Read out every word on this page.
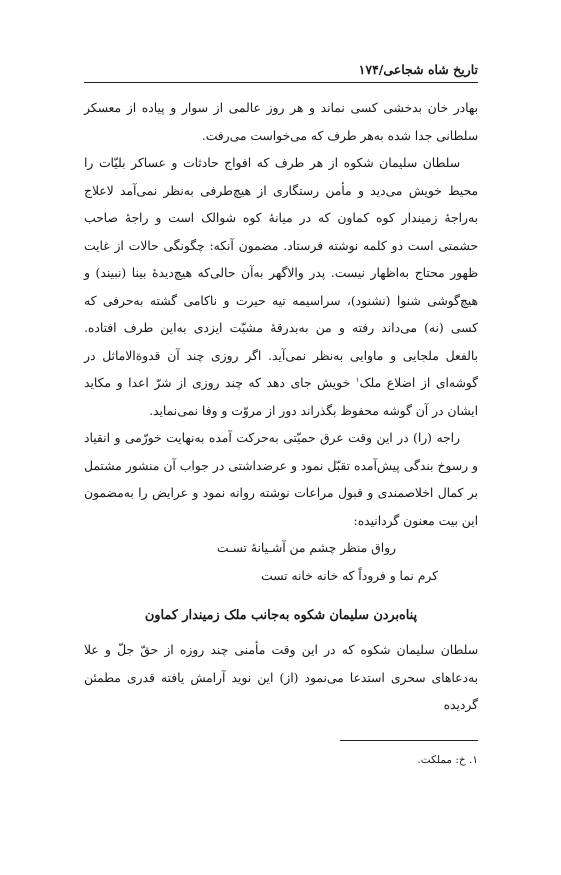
تاریخ شاه شجاعی/۱۷۴

بهادر خان بدخشی کسی نماند و هر روز عالمی از سوار و پیاده از معسکر سلطانی جدا شده به‌هر طرف که می‌خواست می‌رفت.

سلطان سلیمان شکوه از هر طرف که افواج حادثات و عساکر بلیّات را محیط خویش می‌دید و مأمن رستگاری از هیچ‌طرفی به‌نظر نمی‌آمد لاعلاج به‌راجهٔ زمیندار کوه کماون که در میانهٔ کوه شوالک است و راجهٔ صاحب حشمتی است دو کلمه نوشته فرستاد. مضمون آنکه: چگونگی حالات از غایت ظهور محتاج به‌اظهار نیست. پدر والاگهر به‌آن حالی‌که هیچ‌دیدهٔ بینا (نبیند) و هیچ‌گوشی شنوا (نشنود)، سراسیمه تیه حیرت و ناکامی گشته به‌حرفی که کسی (نه) می‌داند رفته و من به‌بدرقهٔ مشیّت ایزدی به‌این طرف افتاده. بالفعل ملجایی و ماوایی به‌نظر نمی‌آید. اگر روزی چند آن قدوةالاماثل در گوشه‌ای از اضلاع ملک$^۱$ خویش جای دهد که چند روزی از شرّ اعدا و مکاید ایشان در آن گوشه محفوظ بگذراند دور از مروّت و وفا نمی‌نماید.

راجه (را) در این وقت عرق حمیّتی به‌حرکت آمده به‌نهایت خورّمی و انقیاد و رسوخ بندگی پیش‌آمده تقبّل نمود و عرضداشتی در جواب آن منشور مشتمل بر کمال اخلاصمندی و قبول مراعات نوشته روانه نمود و عرایض را به‌مضمون این بیت معنون گردانیده:

رواق منظر چشم من آشـیانهٔ تسـت
کرم نما و فروداً که خانه خانه تست
پناه‌بردن سلیمان شکوه به‌جانب ملک زمیندار کماون

سلطان سلیمان شکوه که در این وقت مأمنی چند روزه از حقّ جلّ و علا به‌دعاهای سحری استدعا می‌نمود (از) این نوید آرامش یافته قدری مطمئن گردیده

۱. خ: مملکت.
